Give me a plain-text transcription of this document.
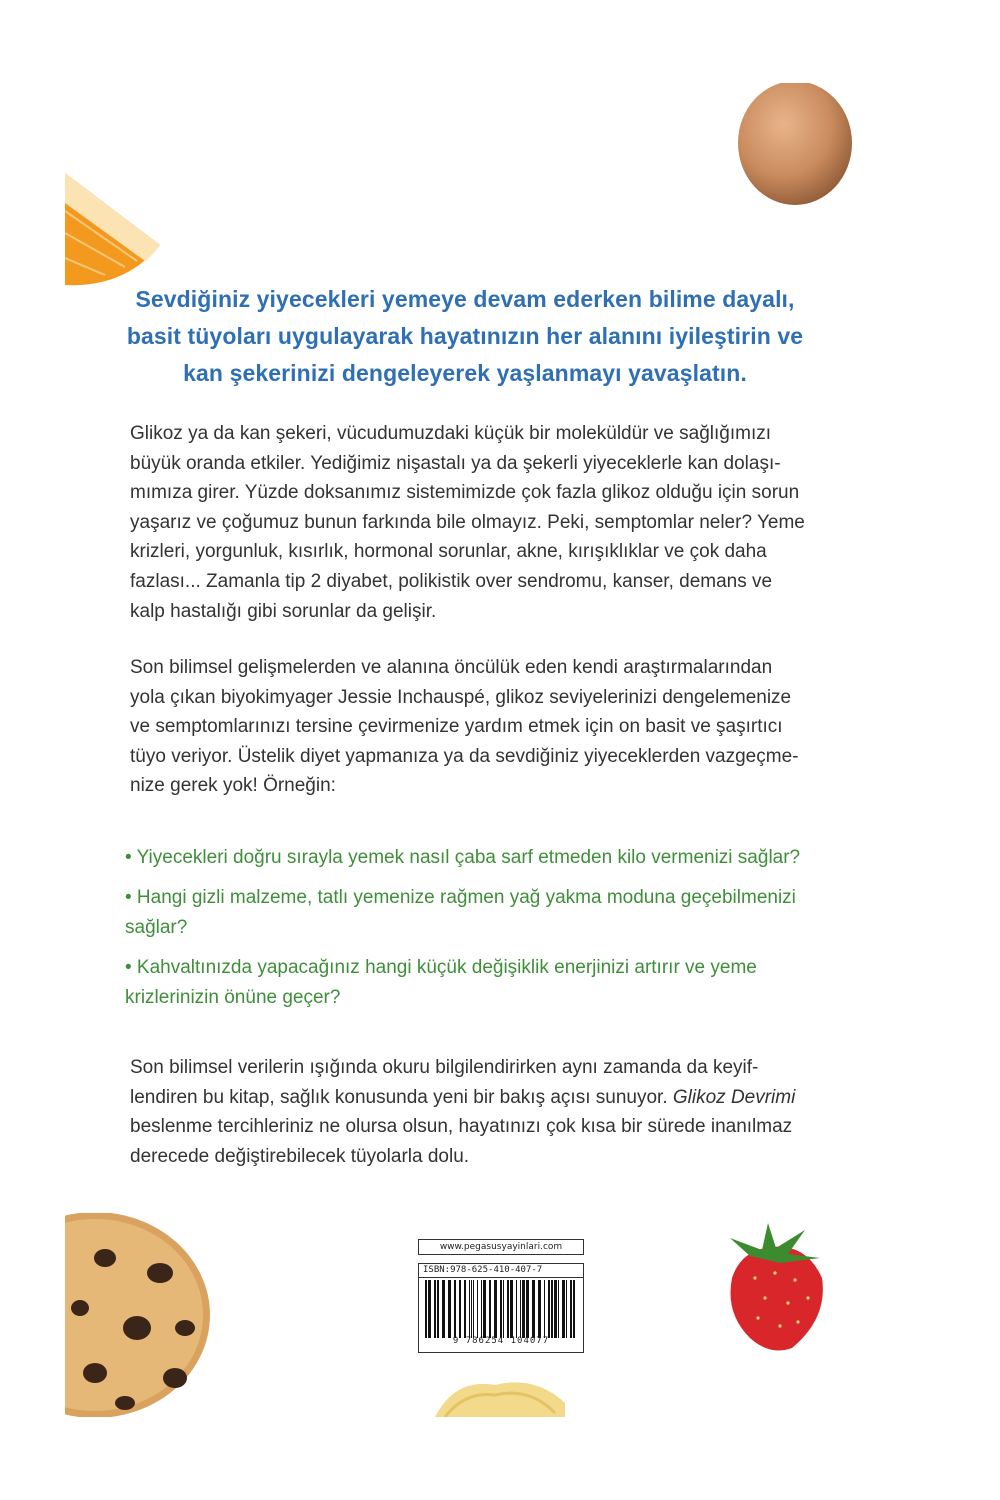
Sevdiğiniz yiyecekleri yemeye devam ederken bilime dayalı,
basit tüyoları uygulayarak hayatınızın her alanını iyileştirin ve
kan şekerinizi dengeleyerek yaşlanmayı yavaşlatın.
Glikoz ya da kan şekeri, vücudumuzdaki küçük bir moleküldür ve sağlığımızı
büyük oranda etkiler. Yediğimiz nişastalı ya da şekerli yiyeceklerle kan dolaşı-
mımıza girer. Yüzde doksanımız sistemimizde çok fazla glikoz olduğu için sorun
yaşarız ve çoğumuz bunun farkında bile olmayız. Peki, semptomlar neler? Yeme
krizleri, yorgunluk, kısırlık, hormonal sorunlar, akne, kırışıklıklar ve çok daha
fazlası... Zamanla tip 2 diyabet, polikistik over sendromu, kanser, demans ve
kalp hastalığı gibi sorunlar da gelişir.
Son bilimsel gelişmelerden ve alanına öncülük eden kendi araştırmalarından
yola çıkan biyokimyager Jessie Inchauspé, glikoz seviyelerinizi dengelemenize
ve semptomlarınızı tersine çevirmenize yardım etmek için on basit ve şaşırtıcı
tüyo veriyor. Üstelik diyet yapmanıza ya da sevdiğiniz yiyeceklerden vazgeçme-
nize gerek yok! Örneğin:
• Yiyecekleri doğru sırayla yemek nasıl çaba sarf etmeden kilo vermenizi sağlar?
• Hangi gizli malzeme, tatlı yemenize rağmen yağ yakma moduna geçebilmenizi
sağlar?
• Kahvaltınızda yapacağınız hangi küçük değişiklik enerjinizi artırır ve yeme
krizlerinizin önüne geçer?
Son bilimsel verilerin ışığında okuru bilgilendirirken aynı zamanda da keyif-
lendiren bu kitap, sağlık konusunda yeni bir bakış açısı sunuyor. Glikoz Devrimi
beslenme tercihleriniz ne olursa olsun, hayatınızı çok kısa bir sürede inanılmaz
derecede değiştirebilecek tüyolarla dolu.
www.pegasusyayinlari.com
ISBN:978-625-410-407-7
9 786254 104077
